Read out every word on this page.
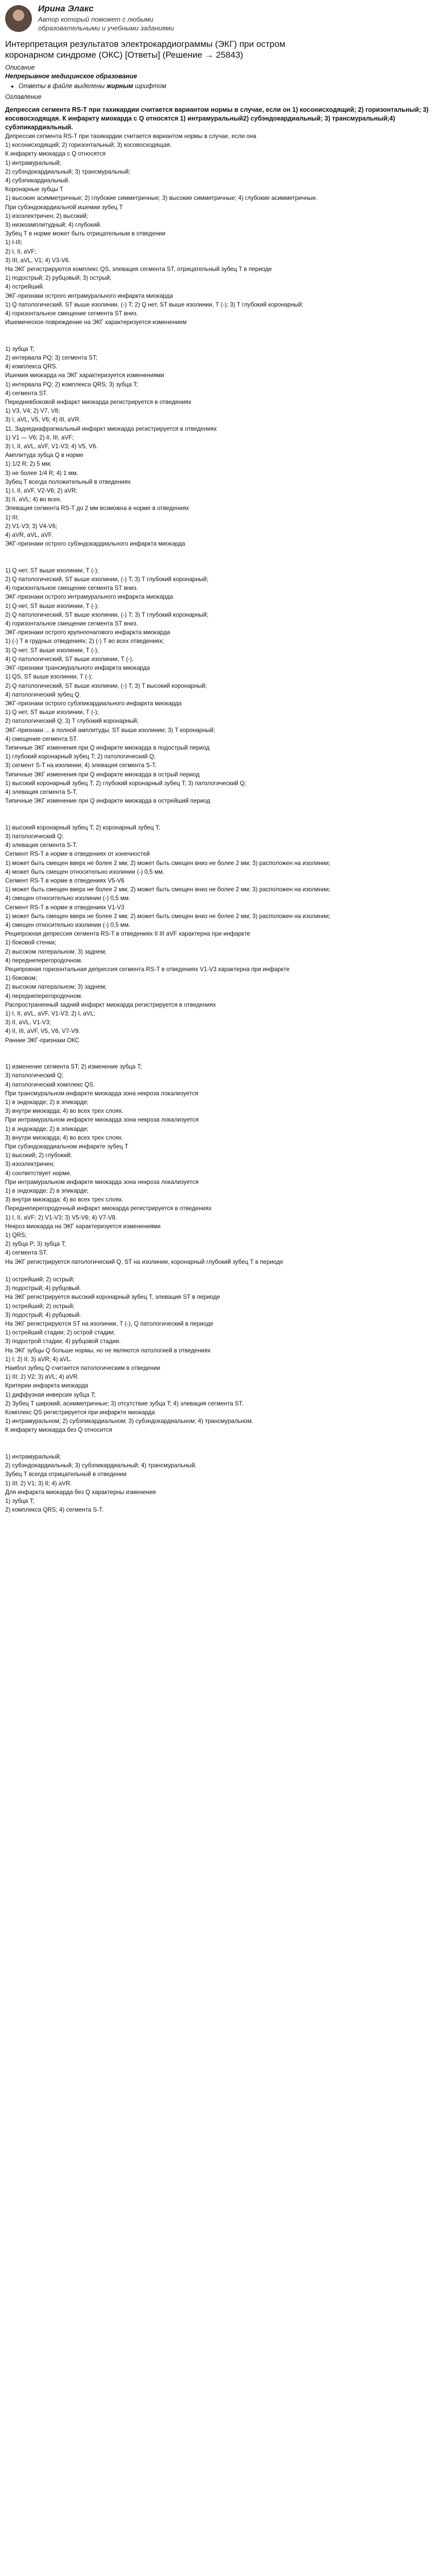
Ирина Элакс
Автор который поможет с любыми образовательными и учебными заданиями
Интерпретация результатов электрокардиограммы (ЭКГ) при остром коронарном синдроме (ОКС) [Ответы] (Решение → 25843)
Описание
Непрерывное медицинское образование
• Ответы в файле выделены жирным шрифтом
Оглавление

Депрессия сегмента RS-T при тахикардии считается вариантом нормы в случае, если он 1) косонисходящий; 2) горизонтальный; 3) косовосходящая. К инфаркту миокарда с Q относятся 1) интрамуральный2) субэндокардиальный; 3) трансмуральный;4) субэпикардиальный.

Депрессия сегмента RS-T при тахикардии считается вариантом нормы в случае, если она

1) косонисходящий; 2) горизонтальный; 3) косовосходящая.

К инфаркту миокарда с Q относятся

1) интрамуральный;

2) субэндокардиальный; 3) трансмуральный;

4) субэпикардиальный.

Коронарные зубцы T

1) высокие асимметричные; 2) глубокие симметричные; 3) высокие симметричные; 4) глубокие асимметричные.

При субэндокардиальной ишемии зубец T

1) изоэлектричен; 2) высокий;

3) низкоамплитудный; 4) глубокий.

Зубец T в норме может быть отрицательным в отведении

1) I-III;

2) I, II, aVF;

3) III, aVL, V1; 4) V3-V6.

На ЭКГ регистрируются комплекс QS, элевация сегмента ST, отрицательный зубец T в периоде

1) подострый; 2) рубцовый; 3) острый;

4) острейший.

ЭКГ-признаки острого интрамурального инфаркта миокарда

1) Q патологический, ST выше изолинии, (-) T; 2) Q нет, ST выше изолинии, T (-); 3) T глубокий коронарный;

4) горизонтальное смещение сегмента ST вниз.

Ишемическое повреждение на ЭКГ характеризуется изменением

1) зубца T;

2) интервала PQ; 3) сегмента ST;

4) комплекса QRS.

Ишемия миокарда на ЭКГ характеризуется изменениями

1) интервала PQ; 2) комплекса QRS; 3) зубца T;

4) сегмента ST.

Передневбоковой инфаркт миокарда регистрируется в отведениях

1) V3, V4; 2) V7, V8;

3) I, aVL, V5, V6; 4) III, aVR.

11. Заднедиафрагмальный инфаркт миокарда регистрируется в отведениях

1) V1 — V6; 2) II, III, aVF;

3) I, II, aVL, aVF, V1-V3; 4) V5, V6.

Амплитуда зубца Q в норме

1) 1/2 R; 2) 5 мм;

3) не более 1/4 R; 4) 1 мм.

Зубец T всегда положительный в отведениях

1) I, II, aVF, V2-V6; 2) aVR;

3) II, aVL; 4) во всех.

Элевация сегмента RS-T до 2 мм возможна в норме в отведениях

1) III;

2) V1-V3; 3) V4-V6;

4) aVR, aVL, aVF.

ЭКГ-признаки острого субэндокардиального инфаркта миокарда

1) Q нет, ST выше изолинии, T (-);

2) Q патологический, ST выше изолинии, (-) T; 3) T глубокий коронарный;

4) горизонтальное смещение сегмента ST вниз.

ЭКГ-признаки острого интрамурального инфаркта миокарда

1) Q нет, ST выше изолинии, T (-);

2) Q патологический, ST выше изолинии, (-) T; 3) T глубокий коронарный;

4) горизонтальное смещение сегмента ST вниз.

ЭКГ-признаки острого крупноочагового инфаркта миокарда

1) (-) T в грудных отведениях; 2) (-) T во всех отведениях;

3) Q нет, ST выше изолинии, T (-);

4) Q патологический, ST выше изолинии, T (-).

ЭКГ-признаки трансмурального инфаркта миокарда

1) QS, ST выше изолинии, T (-);

2) Q патологический, ST выше изолинии, (-) T; 3) T высокий коронарный;

4) патологический зубец Q.

ЭКГ-признаки острого субэпикардиального инфаркта миокарда

1) Q нет, ST выше изолинии, T (-);

2) патологический Q; 3) T глубокий коронарный;

ЭКГ-признаки ... в полной амплитуды, ST выше изолинии; 3) T коронарный;

4) смещение сегмента ST.

Типичные ЭКГ изменения при Q инфаркте миокарда в подострый период

1) глубокий коронарный зубец T; 2) патологический Q;

3) сегмент S-T на изолинии; 4) элевация сегмента S-T.

Типичные ЭКГ изменения при Q инфаркте миокарда в острый период

1) высокий коронарный зубец T; 2) глубокий коронарный зубец T; 3) патологический Q;

4) элевация сегмента S-T.

Типичные ЭКГ изменение при Q инфаркте миокарда в острейший период

1) высокий коронарный зубец T; 2) коронарный зубец T;

3) патологический Q;

4) элевация сегмента S-T.

Сегмент RS-T в норме в отведениях от конечностей

1) может быть смещен вверх не более 2 мм; 2) может быть смещен вниз не более 2 мм; 3) расположен на изолинии;

4) может быть смещен относительно изолинии (-) 0,5 мм.

Сегмент RS-T в норме в отведениях V5-V6

1) может быть смещен вверх не более 2 мм; 2) может быть смещен вниз не более 2 мм; 3) расположен на изолинии;

4) смещен относительно изолинии (-) 0,5 мм.

Сегмент RS-T в норме в отведениях V1-V3

1) может быть смещен вверх не более 2 мм; 2) может быть смещен вниз не более 2 мм; 3) расположен на изолинии;

4) смещен относительно изолинии (-) 0,5 мм.

Реципрокная депрессия сегмента RS-T в отведениях II III aVF характерна при инфаркте

1) боковой стенки;

2) высоком латеральном; 3) заднем;

4) переднеперегородочном.

Реципрокная горизонтальная депрессия сегмента RS-T в отведениях V1-V3 характерна при инфаркте

1) боковом;

2) высоком латеральном; 3) заднем;

4) переднеперегородочном.

Распространенный задний инфаркт миокарда регистрируется в отведениях

1) I, II, aVL, aVF, V1-V3; 2) I, aVL;

3) II, aVL, V1-V3;

4) II, III, aVF, V5, V6, V7-V9.

Ранние ЭКГ-признаки ОКС

1) изменение сегмента ST; 2) изменение зубца T;

3) патологический Q;

4) патологический комплекс QS.

При трансмуральном инфаркте миокарда зона некроза локализуется

1) в эндокарде; 2) в эпикарде;

3) внутри миокарда; 4) во всех трех слоях.

При интрамуральном инфаркте миокарда зона некроза локализуется

1) в эндокарде; 2) в эпикарде;

3) внутри миокарда; 4) во всех трех слоях.

При субэндокардиальном инфаркте зубец T

1) высокий; 2) глубокий;

3) изоэлектричен;

4) соответствует норме.

При интрамуральном инфаркте миокарда зона некроза локализуется

1) в эндокарде; 2) в эпикарде;

3) внутри миокарда; 4) во всех трех слоях.

Переднеперегородочный инфаркт миокарда регистрируется в отведениях

1) I, II, aVF; 2) V1-V3; 3) V5-V6; 4) V7-V8.

Некроз миокарда на ЭКГ характеризуется изменениями

1) QRS;

2) зубца P; 3) зубца T;

4) сегмента ST.

На ЭКГ регистрируется патологический Q, ST на изолинии, коронарный глубокий зубец T в периоде

1) острейший; 2) острый;

3) подострый; 4) рубцовый.

На ЭКГ регистрируется высокий коронарный зубец T, элевация ST в периоде

1) острейший; 2) острый;

3) подострый; 4) рубцовый.

На ЭКГ регистрируются ST на изолинии, T (-), Q патологический в периоде

1) острейший стадии; 2) острой стадии;

3) подострой стадии; 4) рубцовой стадии.

На ЭКГ зубцы Q больше нормы, но не являются патологией в отведениях

1) I; 2) II; 3) aVR; 4) aVL.

Наибол зубец Q считается патологическим в отведении

1) III; 2) V2; 3) aVL; 4) aVR.

Критерии инфаркта миокарда

1) диффузная инверсия зубца T;

2) Зубец T широкий, асимметричные; 3) отсутствие зубца T; 4) элевация сегмента ST.

Комплекс QS регистрируется при инфаркте миокарда

1) интрамуральном; 2) субэпикардиальном; 3) субэндокардиальном; 4) трансмуральном.

К инфаркту миокарда без Q относится

1) интрамуральный;

2) субэндокардиальный; 3) субэпикардиальный; 4) трансмуральный.

Зубец T всегда отрицательный в отведении

1) III; 2) V1; 3) II; 4) aVR.

Для инфаркта миокарда без Q характерны изменения

1) зубца T;

2) комплекса QRS; 4) сегмента S-T.
